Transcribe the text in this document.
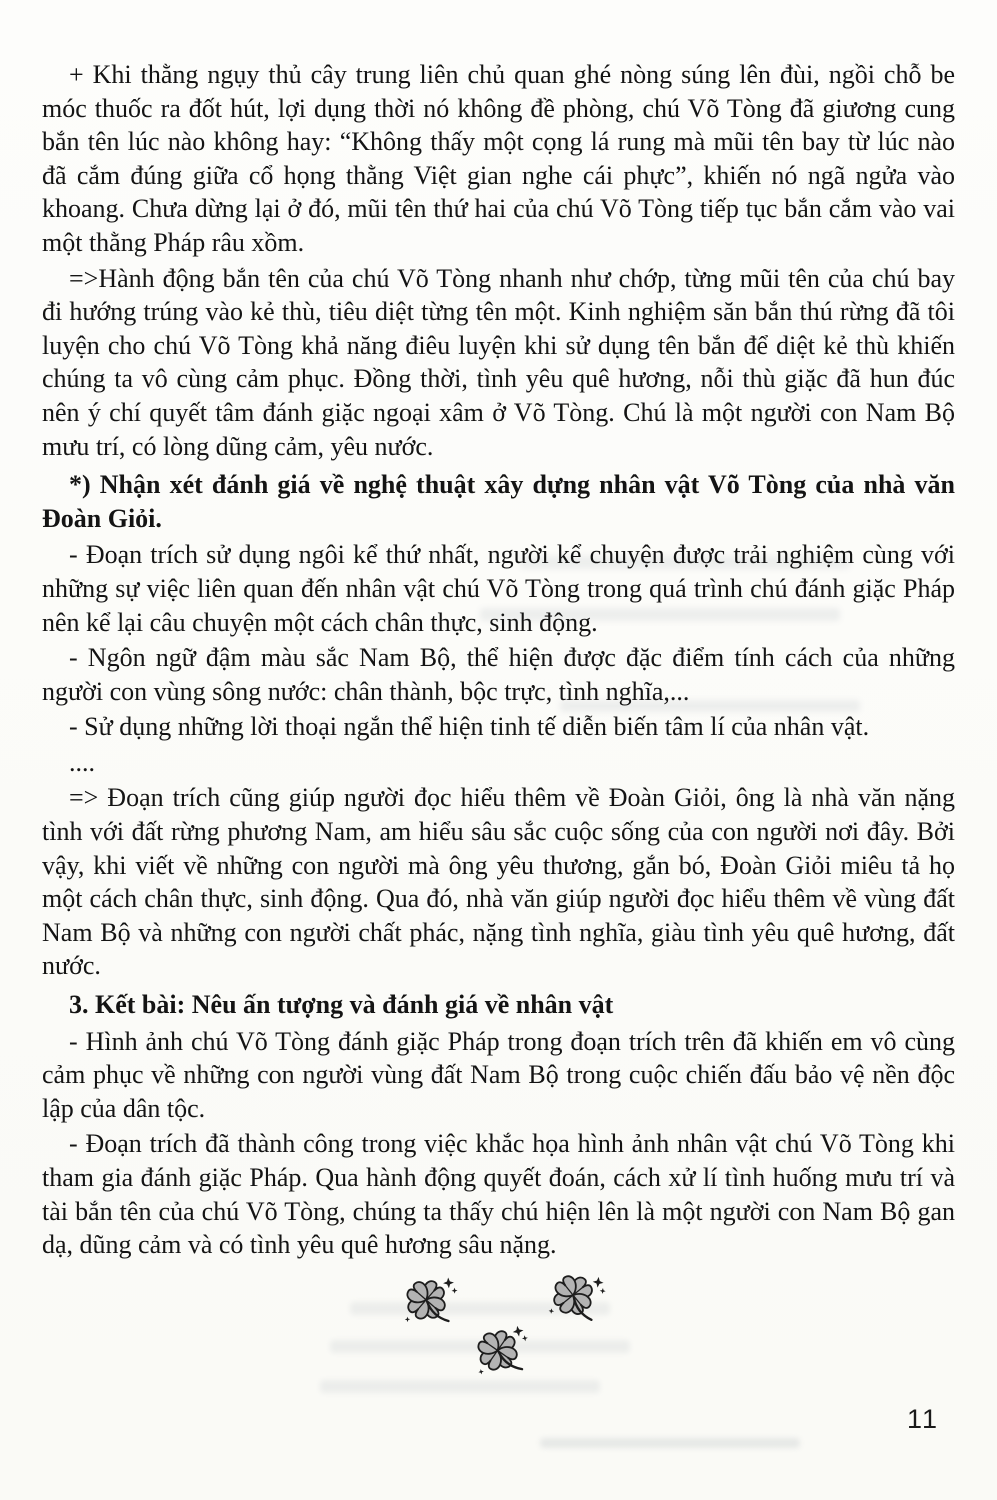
+ Khi thằng ngụy thủ cây trung liên chủ quan ghé nòng súng lên đùi, ngồi chỗ be móc thuốc ra đốt hút, lợi dụng thời nó không đề phòng, chú Võ Tòng đã giương cung bắn tên lúc nào không hay: “Không thấy một cọng lá rung mà mũi tên bay từ lúc nào đã cắm đúng giữa cổ họng thằng Việt gian nghe cái phực”, khiến nó ngã ngửa vào khoang. Chưa dừng lại ở đó, mũi tên thứ hai của chú Võ Tòng tiếp tục bắn cắm vào vai một thằng Pháp râu xồm.

=>Hành động bắn tên của chú Võ Tòng nhanh như chớp, từng mũi tên của chú bay đi hướng trúng vào kẻ thù, tiêu diệt từng tên một. Kinh nghiệm săn bắn thú rừng đã tôi luyện cho chú Võ Tòng khả năng điêu luyện khi sử dụng tên bắn để diệt kẻ thù khiến chúng ta vô cùng cảm phục. Đồng thời, tình yêu quê hương, nỗi thù giặc đã hun đúc nên ý chí quyết tâm đánh giặc ngoại xâm ở Võ Tòng. Chú là một người con Nam Bộ mưu trí, có lòng dũng cảm, yêu nước.

*) Nhận xét đánh giá về nghệ thuật xây dựng nhân vật Võ Tòng của nhà văn Đoàn Giỏi.

- Đoạn trích sử dụng ngôi kể thứ nhất, người kể chuyện được trải nghiệm cùng với những sự việc liên quan đến nhân vật chú Võ Tòng trong quá trình chú đánh giặc Pháp nên kể lại câu chuyện một cách chân thực, sinh động.

- Ngôn ngữ đậm màu sắc Nam Bộ, thể hiện được đặc điểm tính cách của những người con vùng sông nước: chân thành, bộc trực, tình nghĩa,...

- Sử dụng những lời thoại ngắn thể hiện tinh tế diễn biến tâm lí của nhân vật.

....

=> Đoạn trích cũng giúp người đọc hiểu thêm về Đoàn Giỏi, ông là nhà văn nặng tình với đất rừng phương Nam, am hiểu sâu sắc cuộc sống của con người nơi đây. Bởi vậy, khi viết về những con người mà ông yêu thương, gắn bó, Đoàn Giỏi miêu tả họ một cách chân thực, sinh động. Qua đó, nhà văn giúp người đọc hiểu thêm về vùng đất Nam Bộ và những con người chất phác, nặng tình nghĩa, giàu tình yêu quê hương, đất nước.

3. Kết bài: Nêu ấn tượng và đánh giá về nhân vật

- Hình ảnh chú Võ Tòng đánh giặc Pháp trong đoạn trích trên đã khiến em vô cùng cảm phục về những con người vùng đất Nam Bộ trong cuộc chiến đấu bảo vệ nền độc lập của dân tộc.

- Đoạn trích đã thành công trong việc khắc họa hình ảnh nhân vật chú Võ Tòng khi tham gia đánh giặc Pháp. Qua hành động quyết đoán, cách xử lí tình huống mưu trí và tài bắn tên của chú Võ Tòng, chúng ta thấy chú hiện lên là một người con Nam Bộ gan dạ, dũng cảm và có tình yêu quê hương sâu nặng.

11
